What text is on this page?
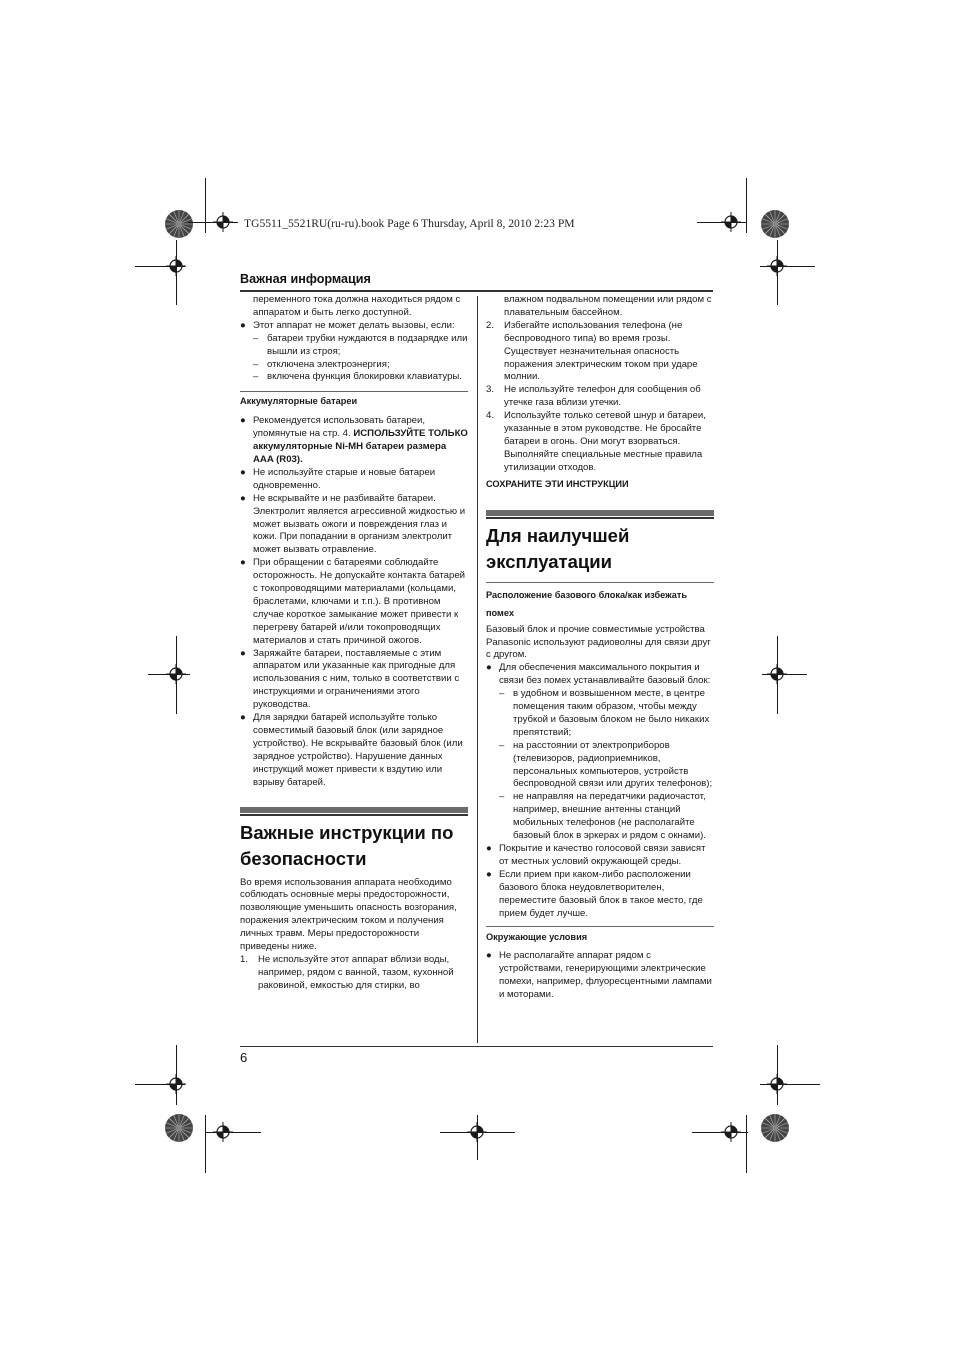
TG5511_5521RU(ru-ru).book Page 6 Thursday, April 8, 2010 2:23 PM
Важная информация

переменного тока должна находиться рядом с аппаратом и быть легко доступной.

● Этот аппарат не может делать вызовы, если:
– батареи трубки нуждаются в подзарядке или вышли из строя;
– отключена электроэнергия;
– включена функция блокировки клавиатуры.

Аккумуляторные батареи

● Рекомендуется использовать батареи, упомянутые на стр. 4. ИСПОЛЬЗУЙТЕ ТОЛЬКО аккумуляторные Ni-MH батареи размера AAA (R03).
● Не используйте старые и новые батареи одновременно.
● Не вскрывайте и не разбивайте батареи. Электролит является агрессивной жидкостью и может вызвать ожоги и повреждения глаз и кожи. При попадании в организм электролит может вызвать отравление.
● При обращении с батареями соблюдайте осторожность. Не допускайте контакта батарей с токопроводящими материалами (кольцами, браслетами, ключами и т.п.). В противном случае короткое замыкание может привести к перегреву батарей и/или токопроводящих материалов и стать причиной ожогов.
● Заряжайте батареи, поставляемые с этим аппаратом или указанные как пригодные для использования с ним, только в соответствии с инструкциями и ограничениями этого руководства.
● Для зарядки батарей используйте только совместимый базовый блок (или зарядное устройство). Не вскрывайте базовый блок (или зарядное устройство). Нарушение данных инструкций может привести к вздутию или взрыву батарей.

Важные инструкции по безопасности

Во время использования аппарата необходимо соблюдать основные меры предосторожности, позволяющие уменьшить опасность возгорания, поражения электрическим током и получения личных травм. Меры предосторожности приведены ниже.

1. Не используйте этот аппарат вблизи воды, например, рядом с ванной, тазом, кухонной раковиной, емкостью для стирки, во

влажном подвальном помещении или рядом с плавательным бассейном.

2. Избегайте использования телефона (не беспроводного типа) во время грозы. Существует незначительная опасность поражения электрическим током при ударе молнии.
3. Не используйте телефон для сообщения об утечке газа вблизи утечки.
4. Используйте только сетевой шнур и батареи, указанные в этом руководстве. Не бросайте батареи в огонь. Они могут взорваться. Выполняйте специальные местные правила утилизации отходов.

СОХРАНИТЕ ЭТИ ИНСТРУКЦИИ

Для наилучшей эксплуатации

Расположение базового блока/как избежать помех

Базовый блок и прочие совместимые устройства Panasonic используют радиоволны для связи друг с другом.

● Для обеспечения максимального покрытия и связи без помех устанавливайте базовый блок:
– в удобном и возвышенном месте, в центре помещения таким образом, чтобы между трубкой и базовым блоком не было никаких препятствий;
– на расстоянии от электроприборов (телевизоров, радиоприемников, персональных компьютеров, устройств беспроводной связи или других телефонов);
– не направляя на передатчики радиочастот, например, внешние антенны станций мобильных телефонов (не располагайте базовый блок в эркерах и рядом с окнами).
● Покрытие и качество голосовой связи зависят от местных условий окружающей среды.
● Если прием при каком-либо расположении базового блока неудовлетворителен, переместите базовый блок в такое место, где прием будет лучше.

Окружающие условия

● Не располагайте аппарат рядом с устройствами, генерирующими электрические помехи, например, флуоресцентными лампами и моторами.
6
